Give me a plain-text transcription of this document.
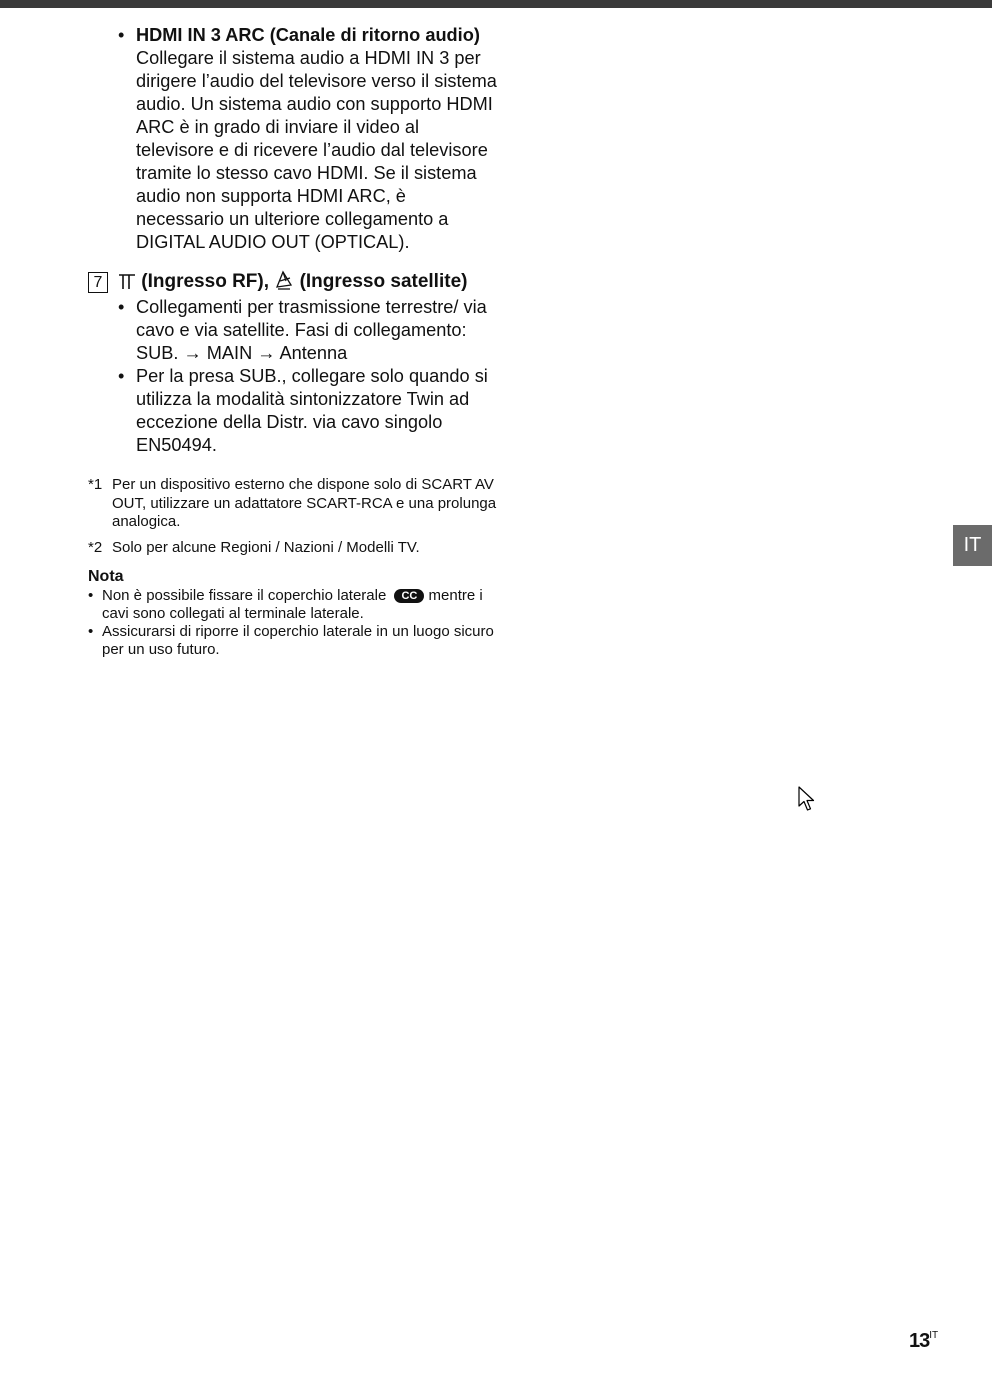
• HDMI IN 3 ARC (Canale di ritorno audio)
Collegare il sistema audio a HDMI IN 3 per dirigere l’audio del televisore verso il sistema audio. Un sistema audio con supporto HDMI ARC è in grado di inviare il video al televisore e di ricevere l’audio dal televisore tramite lo stesso cavo HDMI. Se il sistema audio non supporta HDMI ARC, è necessario un ulteriore collegamento a DIGITAL AUDIO OUT (OPTICAL).
7	(Ingresso RF), (Ingresso satellite)
• Collegamenti per trasmissione terrestre/ via cavo e via satellite. Fasi di collegamento: SUB. → MAIN → Antenna
• Per la presa SUB., collegare solo quando si utilizza la modalità sintonizzatore Twin ad eccezione della Distr. via cavo singolo EN50494.
*1 Per un dispositivo esterno che dispone solo di SCART AV OUT, utilizzare un adattatore SCART-RCA e una prolunga analogica.
*2 Solo per alcune Regioni / Nazioni / Modelli TV.
Nota
• Non è possibile fissare il coperchio laterale CC mentre i cavi sono collegati al terminale laterale.
• Assicurarsi di riporre il coperchio laterale in un luogo sicuro per un uso futuro.
IT
$13^{IT}$
